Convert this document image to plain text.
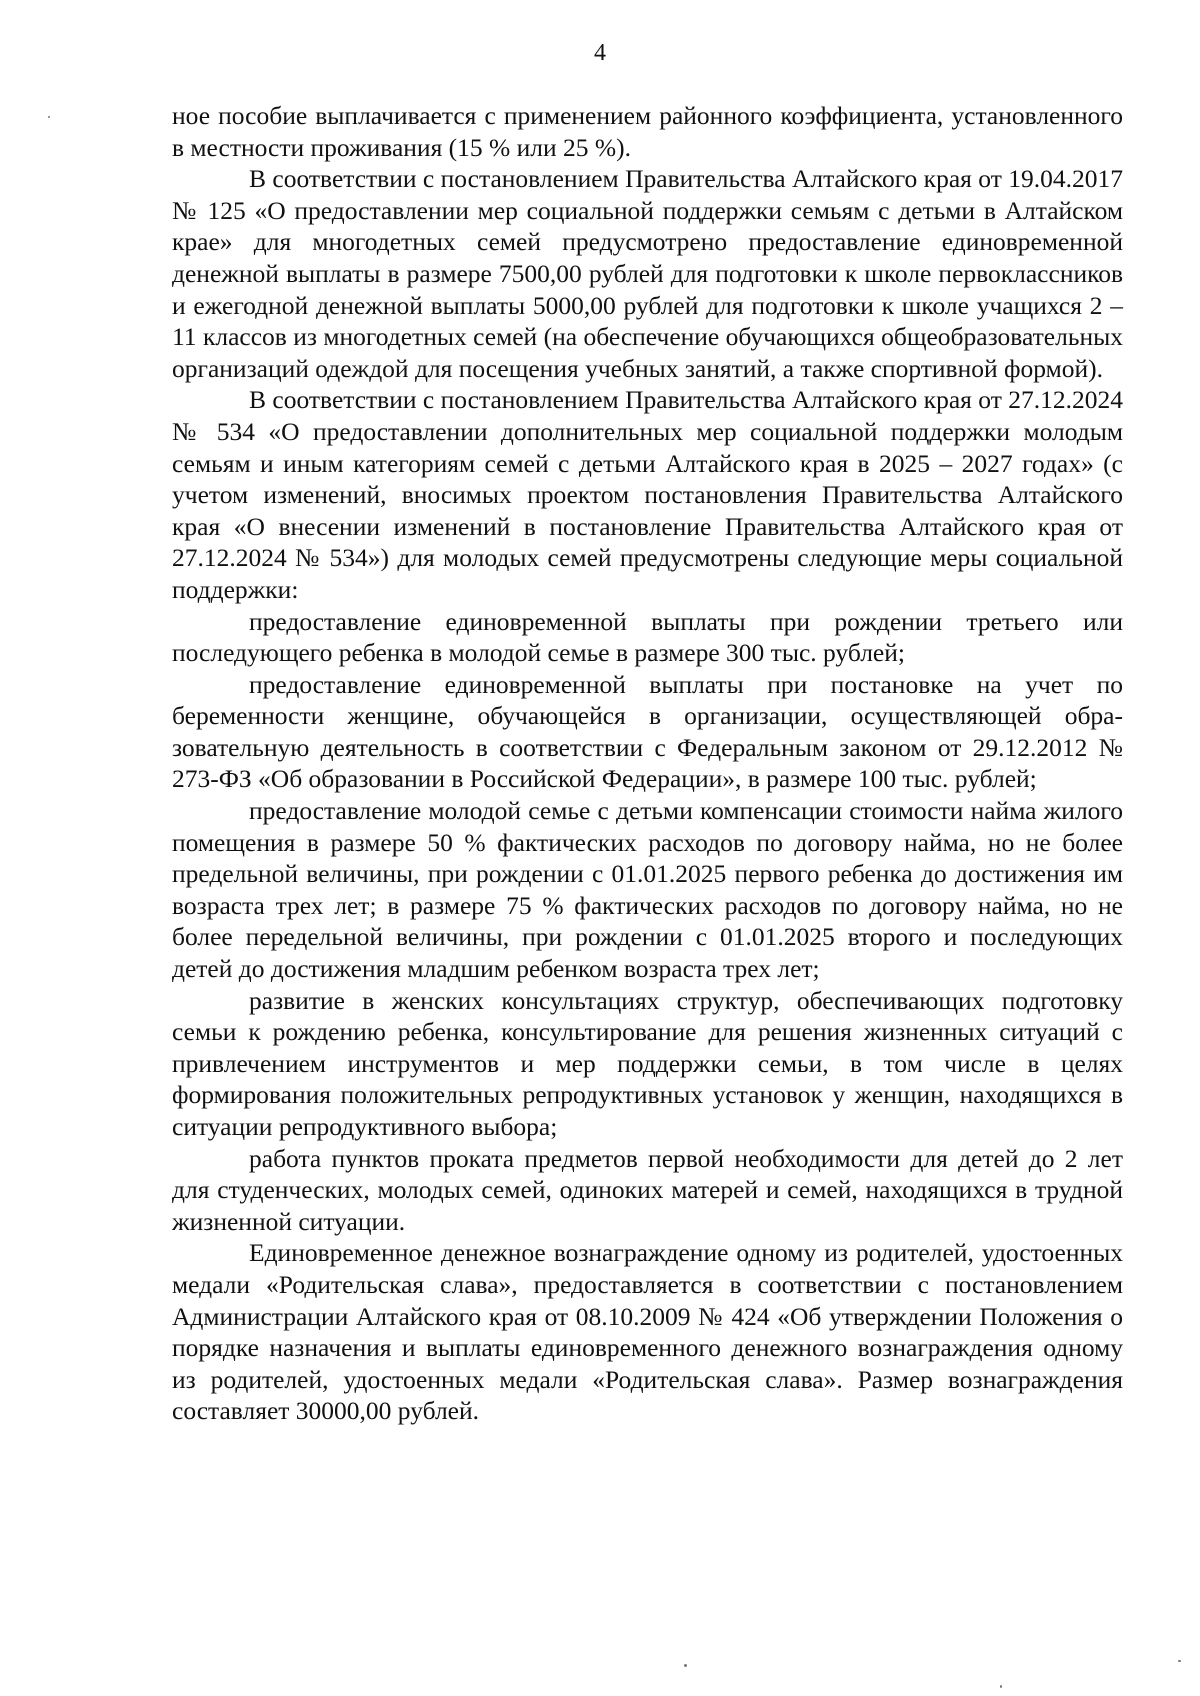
4

ное пособие выплачивается с применением районного коэффициента, установленного в местности проживания (15 % или 25 %).

В соответствии с постановлением Правительства Алтайского края от 19.04.2017 № 125 «О предоставлении мер социальной поддержки семьям с детьми в Алтайском крае» для многодетных семей предусмотрено предоставление единовременной денежной выплаты в размере 7500,00 рублей для подготовки к школе первоклассников и ежегодной денежной выплаты 5000,00 рублей для подготовки к школе учащихся 2 – 11 классов из многодетных семей (на обеспечение обучающихся общеобразовательных организаций одеждой для посещения учебных занятий, а также спортивной формой).

В соответствии с постановлением Правительства Алтайского края от 27.12.2024 № 534 «О предоставлении дополнительных мер социальной поддержки молодым семьям и иным категориям семей с детьми Алтайского края в 2025 – 2027 годах» (с учетом изменений, вносимых проектом постановления Правительства Алтайского края «О внесении изменений в постановление Правительства Алтайского края от 27.12.2024 № 534») для молодых семей предусмотрены следующие меры социальной поддержки:

предоставление единовременной выплаты при рождении третьего или последующего ребенка в молодой семье в размере 300 тыс. рублей;

предоставление единовременной выплаты при постановке на учет по беременности женщине, обучающейся в организации, осуществляющей образовательную деятельность в соответствии с Федеральным законом от 29.12.2012 № 273-ФЗ «Об образовании в Российской Федерации», в размере 100 тыс. рублей;

предоставление молодой семье с детьми компенсации стоимости найма жилого помещения в размере 50 % фактических расходов по договору найма, но не более предельной величины, при рождении с 01.01.2025 первого ребенка до достижения им возраста трех лет; в размере 75 % фактических расходов по договору найма, но не более передельной величины, при рождении с 01.01.2025 второго и последующих детей до достижения младшим ребенком возраста трех лет;

развитие в женских консультациях структур, обеспечивающих подготовку семьи к рождению ребенка, консультирование для решения жизненных ситуаций с привлечением инструментов и мер поддержки семьи, в том числе в целях формирования положительных репродуктивных установок у женщин, находящихся в ситуации репродуктивного выбора;

работа пунктов проката предметов первой необходимости для детей до 2 лет для студенческих, молодых семей, одиноких матерей и семей, находящихся в трудной жизненной ситуации.

Единовременное денежное вознаграждение одному из родителей, удостоенных медали «Родительская слава», предоставляется в соответствии с постановлением Администрации Алтайского края от 08.10.2009 № 424 «Об утверждении Положения о порядке назначения и выплаты единовременного денежного вознаграждения одному из родителей, удостоенных медали «Родительская слава». Размер вознаграждения составляет 30000,00 рублей.
